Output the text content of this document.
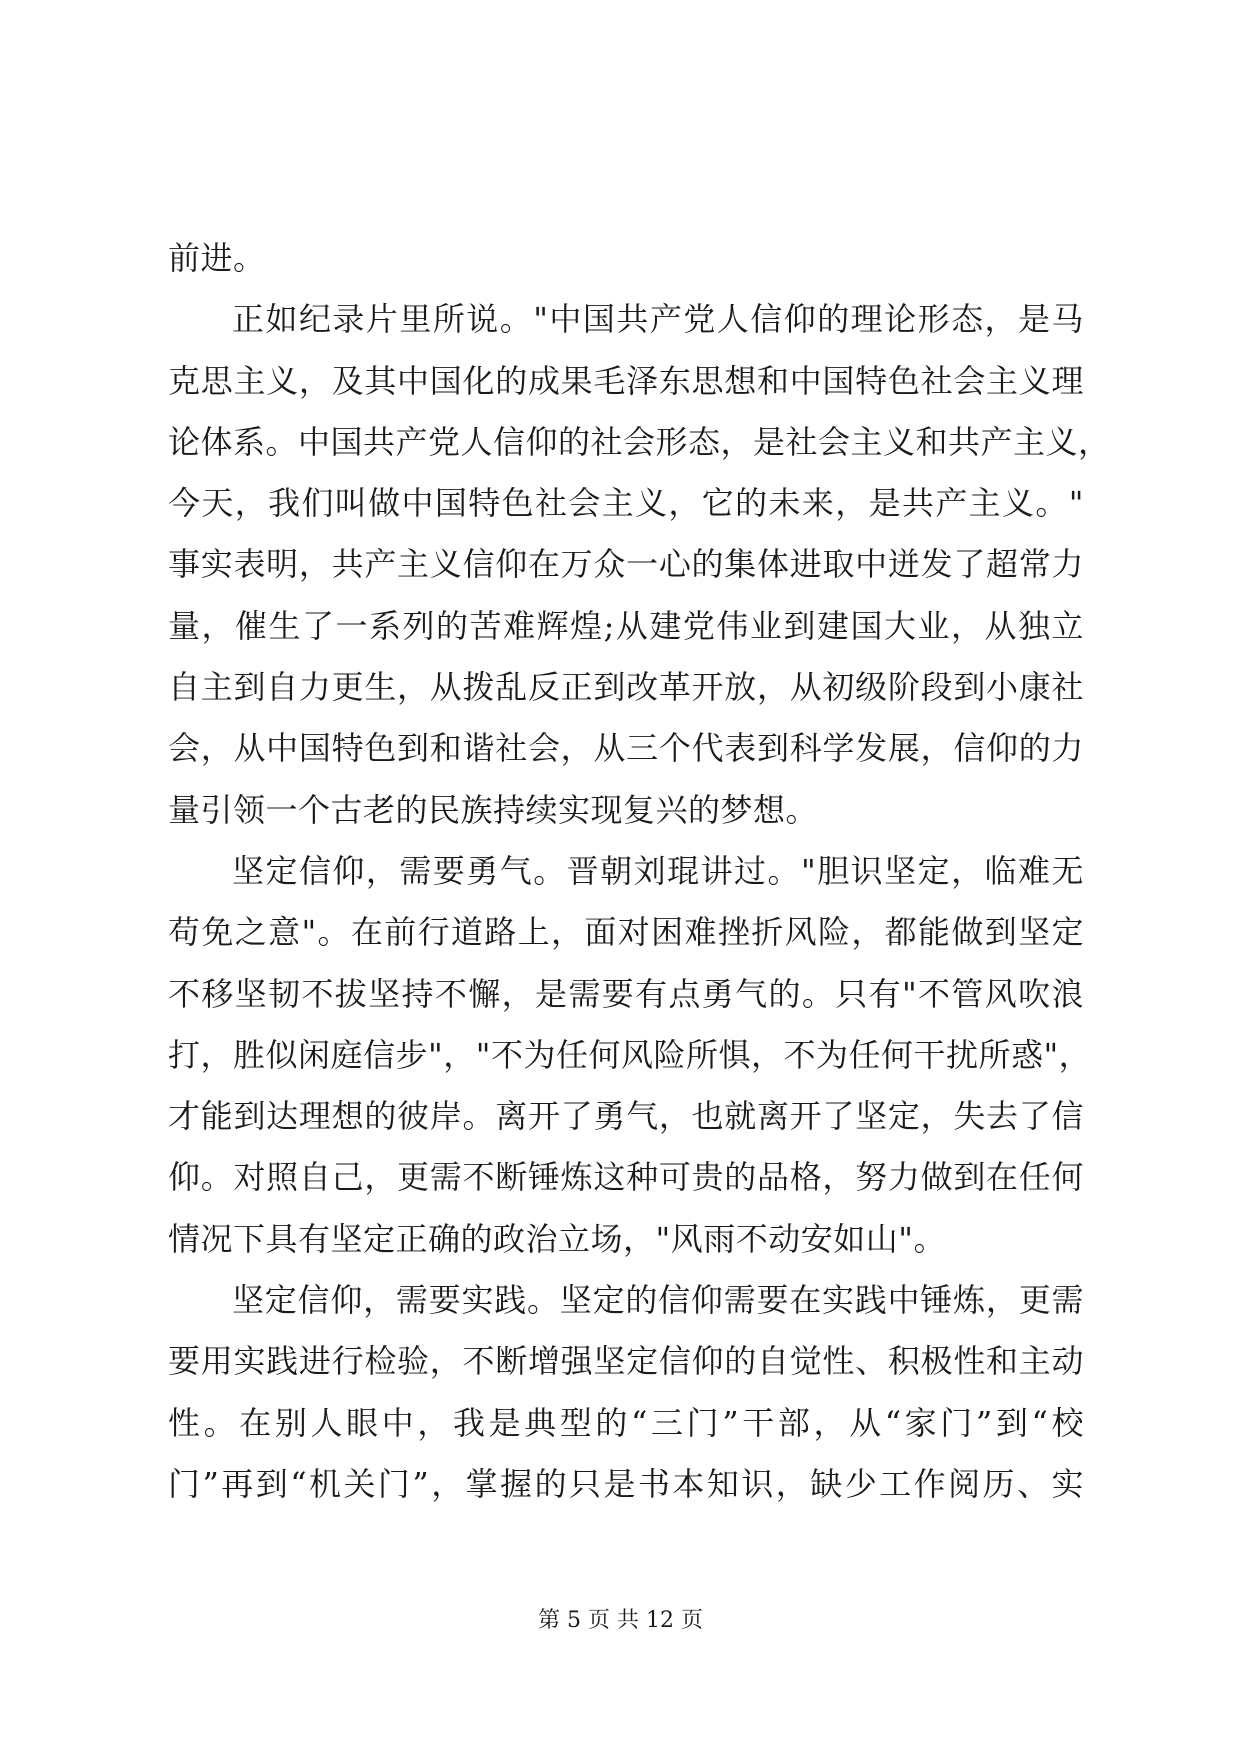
前进。
正如纪录片里所说。"中国共产党人信仰的理论形态，是马
克思主义，及其中国化的成果毛泽东思想和中国特色社会主义理
论体系。中国共产党人信仰的社会形态，是社会主义和共产主义，
今天，我们叫做中国特色社会主义，它的未来，是共产主义。"
事实表明，共产主义信仰在万众一心的集体进取中迸发了超常力
量，催生了一系列的苦难辉煌;从建党伟业到建国大业，从独立
自主到自力更生，从拨乱反正到改革开放，从初级阶段到小康社
会，从中国特色到和谐社会，从三个代表到科学发展，信仰的力
量引领一个古老的民族持续实现复兴的梦想。
坚定信仰，需要勇气。晋朝刘琨讲过。"胆识坚定，临难无
苟免之意"。在前行道路上，面对困难挫折风险，都能做到坚定
不移坚韧不拔坚持不懈，是需要有点勇气的。只有"不管风吹浪
打，胜似闲庭信步"，"不为任何风险所惧，不为任何干扰所惑"，
才能到达理想的彼岸。离开了勇气，也就离开了坚定，失去了信
仰。对照自己，更需不断锤炼这种可贵的品格，努力做到在任何
情况下具有坚定正确的政治立场，"风雨不动安如山"。
坚定信仰，需要实践。坚定的信仰需要在实践中锤炼，更需
要用实践进行检验，不断增强坚定信仰的自觉性、积极性和主动
性。在别人眼中，我是典型的“三门”干部，从“家门”到“校
门”再到“机关门”，掌握的只是书本知识，缺少工作阅历、实
第 5 页 共 12 页
